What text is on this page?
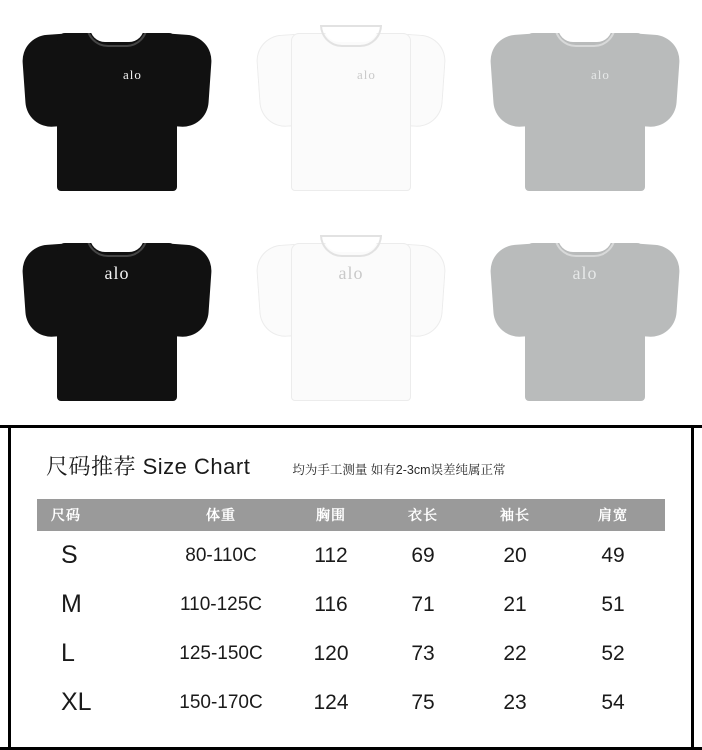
alo	alo	alo
alo	alo	alo
尺码推荐 Size Chart	均为手工测量 如有2-3cm误差纯属正常
尺码	体重	胸围	衣长	袖长	肩宽
S	80-110C	112	69	20	49
M	110-125C	116	71	21	51
L	125-150C	120	73	22	52
XL	150-170C	124	75	23	54
